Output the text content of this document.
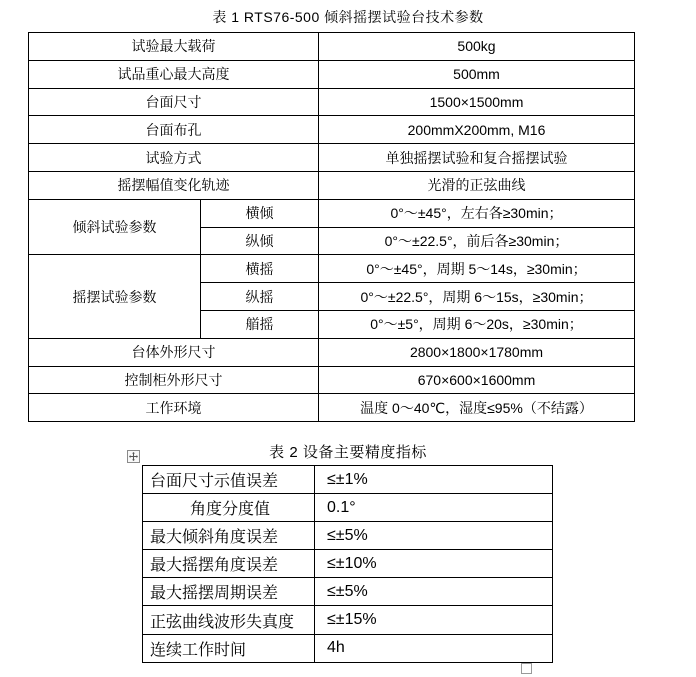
表 1 RTS76-500 倾斜摇摆试验台技术参数
试验最大载荷		500kg
试品重心最大高度		500mm
台面尺寸		1500×1500mm
台面布孔		200mmX200mm, M16
试验方式		单独摇摆试验和复合摇摆试验
摇摆幅值变化轨迹		光滑的正弦曲线
倾斜试验参数	横倾	0°～±45°，左右各≥30min；
	纵倾	0°～±22.5°，前后各≥30min；
摇摆试验参数	横摇	0°～±45°，周期 5～14s，≥30min；
	纵摇	0°～±22.5°，周期 6～15s，≥30min；
	艏摇	0°～±5°，周期 6～20s，≥30min；
台体外形尺寸		2800×1800×1780mm
控制柜外形尺寸		670×600×1600mm
工作环境		温度 0～40℃，湿度≤95%（不结露）
表 2 设备主要精度指标
台面尺寸示值误差	≤±1%
角度分度值	0.1°
最大倾斜角度误差	≤±5%
最大摇摆角度误差	≤±10%
最大摇摆周期误差	≤±5%
正弦曲线波形失真度	≤±15%
连续工作时间	4h
